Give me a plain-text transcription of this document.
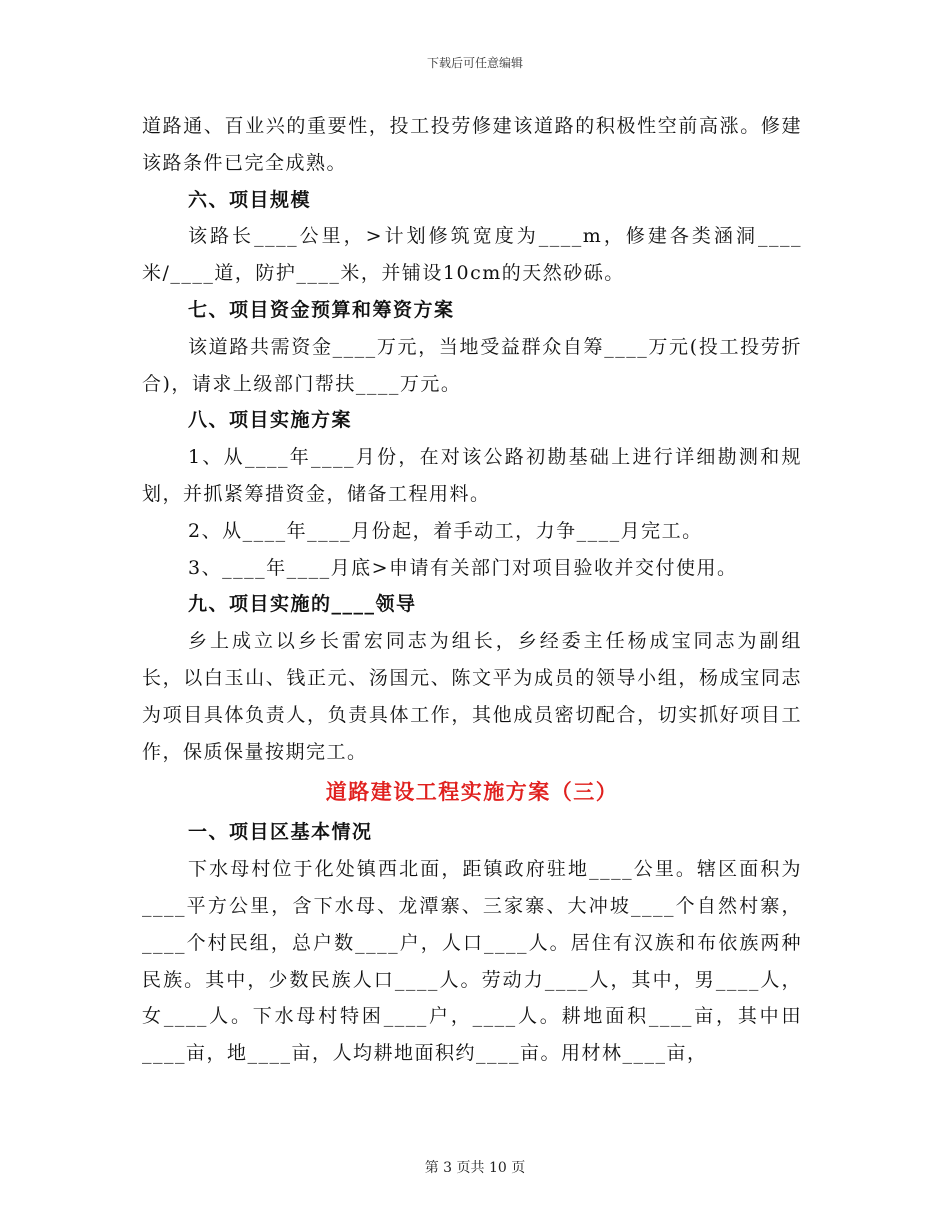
下载后可任意编辑

道路通、百业兴的重要性，投工投劳修建该道路的积极性空前高涨。修建该路条件已完全成熟。

六、项目规模

该路长____公里，>计划修筑宽度为____m，修建各类涵洞____米/____道，防护____米，并铺设10cm的天然砂砾。

七、项目资金预算和筹资方案

该道路共需资金____万元，当地受益群众自筹____万元(投工投劳折合)，请求上级部门帮扶____万元。

八、项目实施方案

1、从____年____月份，在对该公路初勘基础上进行详细勘测和规划，并抓紧筹措资金，储备工程用料。

2、从____年____月份起，着手动工，力争____月完工。

3、____年____月底>申请有关部门对项目验收并交付使用。

九、项目实施的____领导

乡上成立以乡长雷宏同志为组长，乡经委主任杨成宝同志为副组长，以白玉山、钱正元、汤国元、陈文平为成员的领导小组，杨成宝同志为项目具体负责人，负责具体工作，其他成员密切配合，切实抓好项目工作，保质保量按期完工。

道路建设工程实施方案（三）

一、项目区基本情况

下水母村位于化处镇西北面，距镇政府驻地____公里。辖区面积为____平方公里，含下水母、龙潭寨、三家寨、大冲坡____个自然村寨，____个村民组，总户数____户，人口____人。居住有汉族和布依族两种民族。其中，少数民族人口____人。劳动力____人，其中，男____人，女____人。下水母村特困____户，____人。耕地面积____亩，其中田____亩，地____亩，人均耕地面积约____亩。用材林____亩，

第 3 页共 10 页
